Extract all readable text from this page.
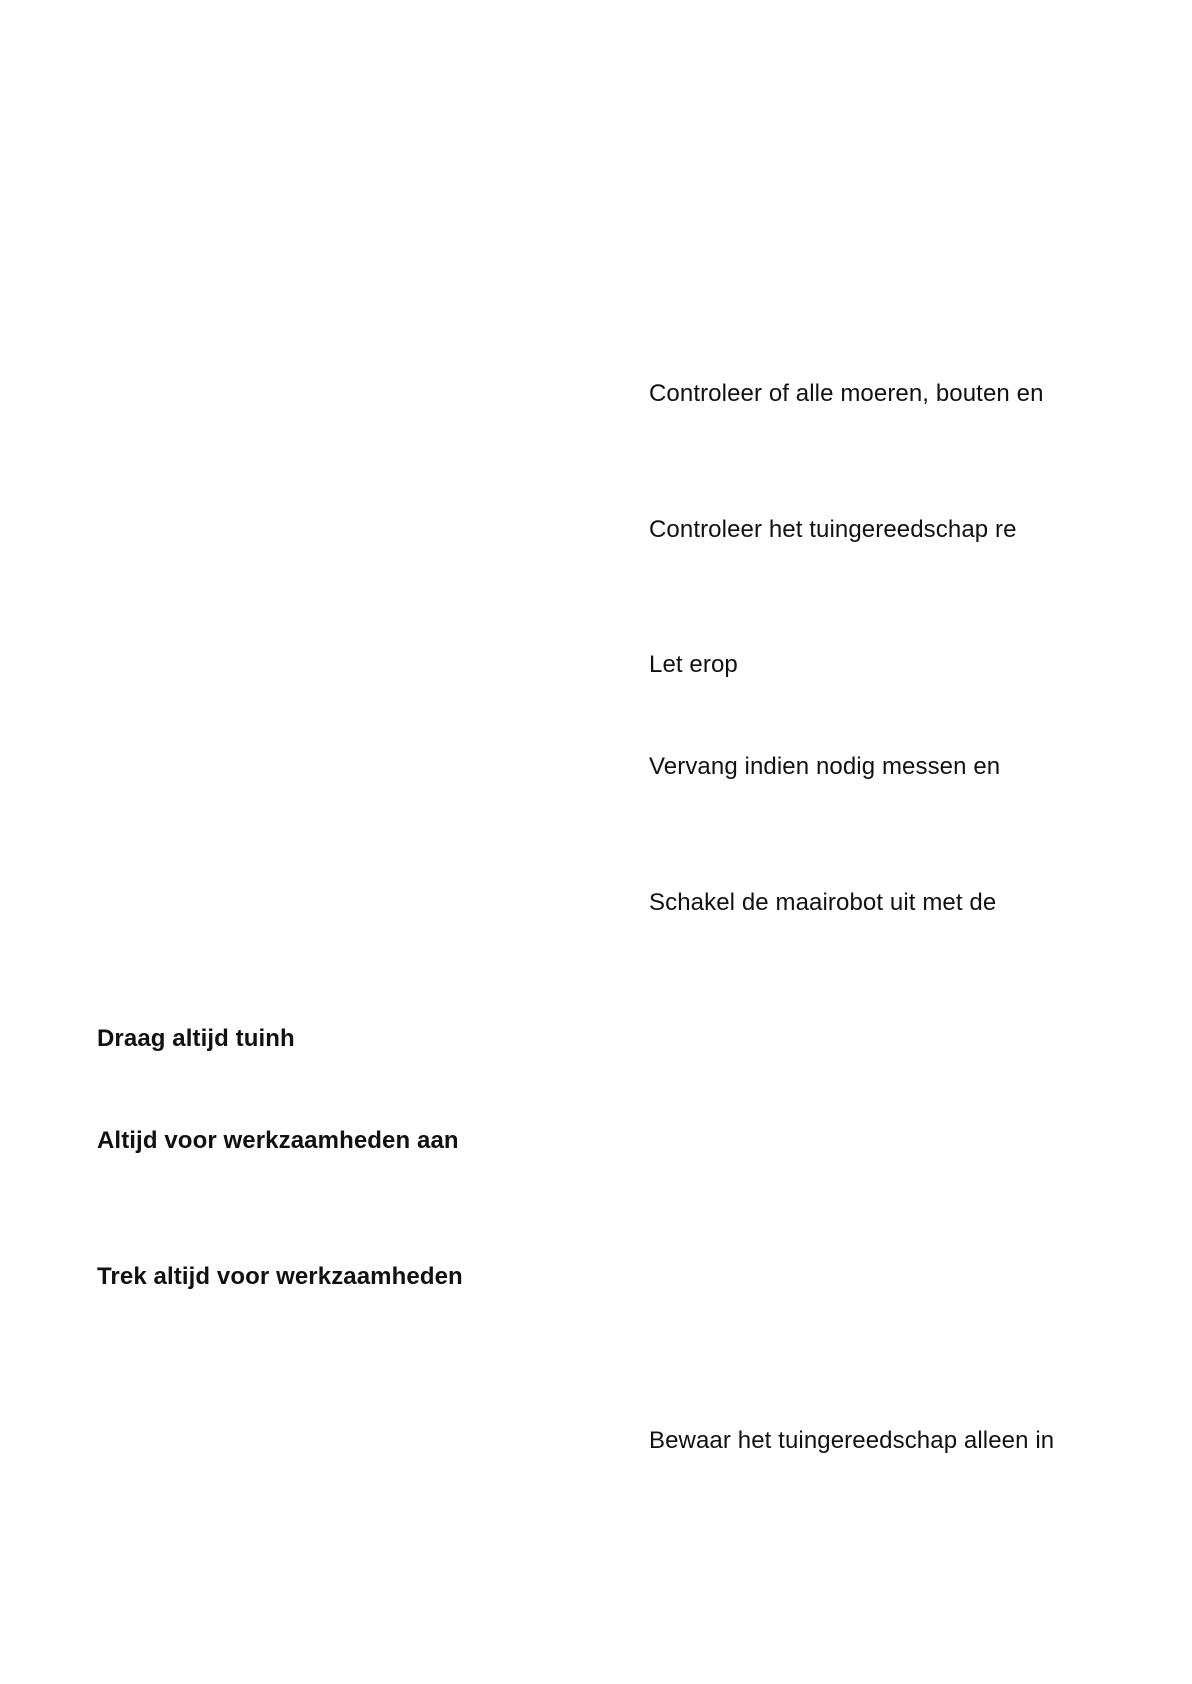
Controleer of alle moeren, bouten en
Controleer het tuingereedschap re
Let erop
Vervang indien nodig messen en
Schakel de maairobot uit met de
Draag altijd tuinh
Altijd voor werkzaamheden aan
Trek altijd voor werkzaamheden
Bewaar het tuingereedschap alleen in
